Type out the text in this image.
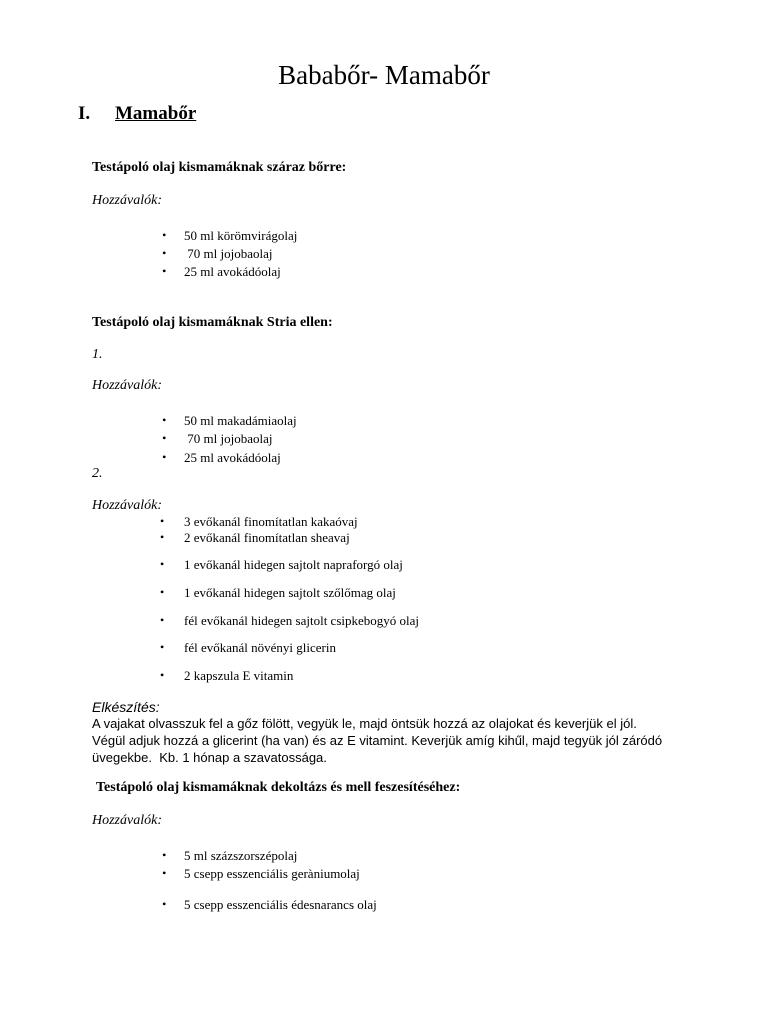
Bababőr- Mamabőr
I. Mamabőr
Testápoló olaj kismamáknak száraz bőrre:
Hozzávalók:
• 50 ml körömvirágolaj
• 70 ml jojobaolaj
• 25 ml avokádóolaj
Testápoló olaj kismamáknak Stria ellen:
1.
Hozzávalók:
• 50 ml makadámiaolaj
• 70 ml jojobaolaj
• 25 ml avokádóolaj
2.
Hozzávalók:
• 3 evőkanál finomítatlan kakaóvaj
• 2 evőkanál finomítatlan sheavaj
• 1 evőkanál hidegen sajtolt napraforgó olaj
• 1 evőkanál hidegen sajtolt szőlőmag olaj
• fél evőkanál hidegen sajtolt csipkebogyó olaj
• fél evőkanál növényi glicerin
• 2 kapszula E vitamin
Elkészítés:
A vajakat olvasszuk fel a gőz fölött, vegyük le, majd öntsük hozzá az olajokat és keverjük el jól.
Végül adjuk hozzá a glicerint (ha van) és az E vitamint. Keverjük amíg kihűl, majd tegyük jól záródó
üvegekbe.  Kb. 1 hónap a szavatossága.
Testápoló olaj kismamáknak dekoltázs és mell feszesítéséhez:
Hozzávalók:
• 5 ml százszorszépolaj
• 5 csepp esszenciális geràniumolaj
• 5 csepp esszenciális édesnarancs olaj
